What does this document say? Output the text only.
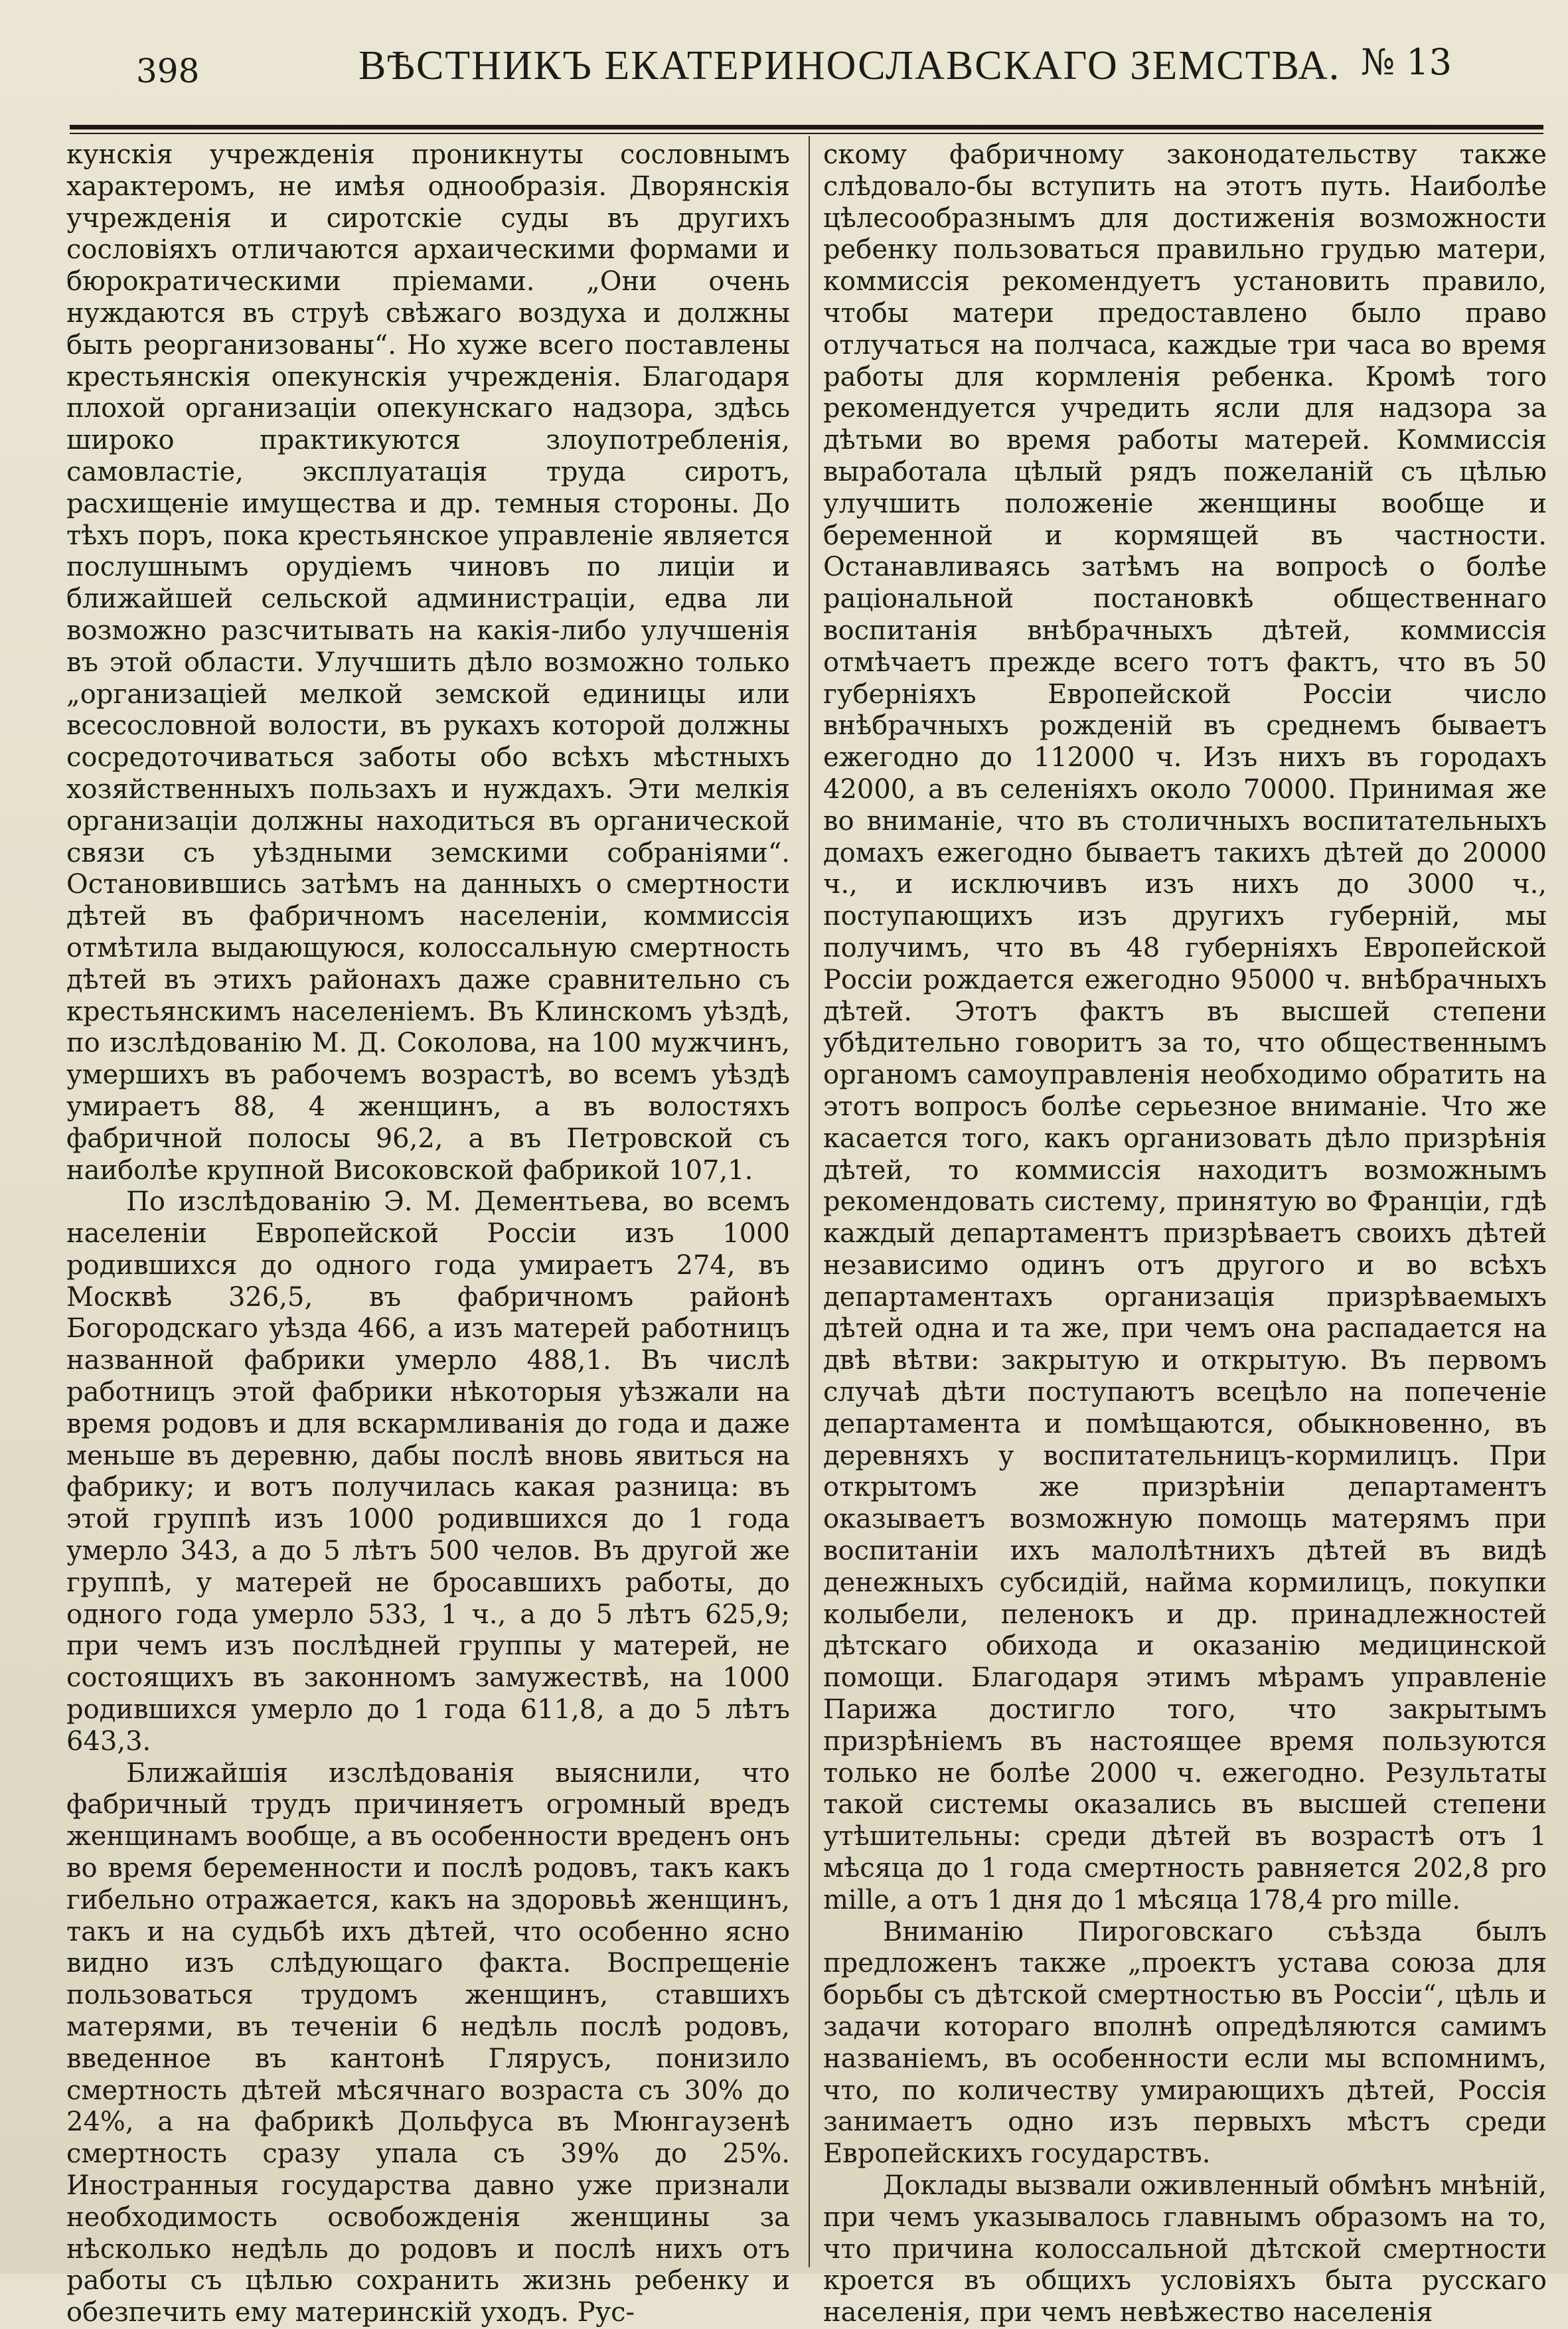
398	ВѢСТНИКЪ ЕКАТЕРИНОСЛАВСКАГО ЗЕМСТВА. № 13

кунскія учрежденія проникнуты сословнымъ характеромъ, не имѣя однообразія. Дворянскія учрежденія и сиротскіе суды въ другихъ сословіяхъ отличаются архаическими формами и бюрократическими пріемами. „Они очень нуждаются въ струѣ свѣжаго воздуха и должны быть реорганизованы“. Но хуже всего поставлены крестьянскія опекунскія учрежденія. Благодаря плохой организаціи опекунскаго надзора, здѣсь широко практикуются злоупотребленія, самовластіе, эксплуатація труда сиротъ, расхищеніе имущества и др. темныя стороны. До тѣхъ поръ, пока крестьянское управленіе является послушнымъ орудіемъ чиновъ по лиціи и ближайшей сельской администраціи, едва ли возможно разсчитывать на какія-либо улучшенія въ этой области. Улучшить дѣло возможно только „организаціей мелкой земской единицы или всесословной волости, въ рукахъ которой должны сосредоточиваться заботы обо всѣхъ мѣстныхъ хозяйственныхъ пользахъ и нуждахъ. Эти мелкія организаціи должны находиться въ органической связи съ уѣздными земскими собраніями“. Остановившись затѣмъ на данныхъ о смертности дѣтей въ фабричномъ населеніи, коммиссія отмѣтила выдающуюся, колоссальную смертность дѣтей въ этихъ районахъ даже сравнительно съ крестьянскимъ населеніемъ. Въ Клинскомъ уѣздѣ, по изслѣдованію М. Д. Соколова, на 100 мужчинъ, умершихъ въ рабочемъ возрастѣ, во всемъ уѣздѣ умираетъ 88, 4 женщинъ, а въ волостяхъ фабричной полосы 96,2, а въ Петровской съ наиболѣе крупной Високовской фабрикой 107,1.

По изслѣдованію Э. М. Дементьева, во всемъ населеніи Европейской Россіи изъ 1000 родившихся до одного года умираетъ 274, въ Москвѣ 326,5, въ фабричномъ районѣ Богородскаго уѣзда 466, а изъ матерей работницъ названной фабрики умерло 488,1. Въ числѣ работницъ этой фабрики нѣкоторыя уѣзжали на время родовъ и для вскармливанія до года и даже меньше въ деревню, дабы послѣ вновь явиться на фабрику; и вотъ получилась какая разница: въ этой группѣ изъ 1000 родившихся до 1 года умерло 343, а до 5 лѣтъ 500 челов. Въ другой же группѣ, у матерей не бросавшихъ работы, до одного года умерло 533, 1 ч., а до 5 лѣтъ 625,9; при чемъ изъ послѣдней группы у матерей, не состоящихъ въ законномъ замужествѣ, на 1000 родившихся умерло до 1 года 611,8, а до 5 лѣтъ 643,3.

Ближайшія изслѣдованія выяснили, что фабричный трудъ причиняетъ огромный вредъ женщинамъ вообще, а въ особенности вреденъ онъ во время беременности и послѣ родовъ, такъ какъ гибельно отражается, какъ на здоровьѣ женщинъ, такъ и на судьбѣ ихъ дѣтей, что особенно ясно видно изъ слѣдующаго факта. Воспрещеніе пользоваться трудомъ женщинъ, ставшихъ матерями, въ теченіи 6 недѣль послѣ родовъ, введенное въ кантонѣ Глярусъ, понизило смертность дѣтей мѣсячнаго возраста съ 30% до 24%, а на фабрикѣ Дольфуса въ Мюнгаузенѣ смертность сразу упала съ 39% до 25%. Иностранныя государства давно уже признали необходимость освобожденія женщины за нѣсколько недѣль до родовъ и послѣ нихъ отъ работы съ цѣлью сохранить жизнь ребенку и обезпечить ему материнскій уходъ. Рус-

скому фабричному законодательству также слѣдовало-бы вступить на этотъ путь. Наиболѣе цѣлесообразнымъ для достиженія возможности ребенку пользоваться правильно грудью матери, коммиссія рекомендуетъ установить правило, чтобы матери предоставлено было право отлучаться на полчаса, каждые три часа во время работы для кормленія ребенка. Кромѣ того рекомендуется учредить ясли для надзора за дѣтьми во время работы матерей. Коммиссія выработала цѣлый рядъ пожеланій съ цѣлью улучшить положеніе женщины вообще и беременной и кормящей въ частности. Останавливаясь затѣмъ на вопросѣ о болѣе раціональной постановкѣ общественнаго воспитанія внѣбрачныхъ дѣтей, коммиссія отмѣчаетъ прежде всего тотъ фактъ, что въ 50 губерніяхъ Европейской Россіи число внѣбрачныхъ рожденій въ среднемъ бываетъ ежегодно до 112000 ч. Изъ нихъ въ городахъ 42000, а въ селеніяхъ около 70000. Принимая же во вниманіе, что въ столичныхъ воспитательныхъ домахъ ежегодно бываетъ такихъ дѣтей до 20000 ч., и исключивъ изъ нихъ до 3000 ч., поступающихъ изъ другихъ губерній, мы получимъ, что въ 48 губерніяхъ Европейской Россіи рождается ежегодно 95000 ч. внѣбрачныхъ дѣтей. Этотъ фактъ въ высшей степени убѣдительно говоритъ за то, что общественнымъ органомъ самоуправленія необходимо обратить на этотъ вопросъ болѣе серьезное вниманіе. Что же касается того, какъ организовать дѣло призрѣнія дѣтей, то коммиссія находитъ возможнымъ рекомендовать систему, принятую во Франціи, гдѣ каждый департаментъ призрѣваетъ своихъ дѣтей независимо одинъ отъ другого и во всѣхъ департаментахъ организація призрѣваемыхъ дѣтей одна и та же, при чемъ она распадается на двѣ вѣтви: закрытую и открытую. Въ первомъ случаѣ дѣти поступаютъ всецѣло на попеченіе департамента и помѣщаются, обыкновенно, въ деревняхъ у воспитательницъ-кормилицъ. При открытомъ же призрѣніи департаментъ оказываетъ возможную помощь матерямъ при воспитаніи ихъ малолѣтнихъ дѣтей въ видѣ денежныхъ субсидій, найма кормилицъ, покупки колыбели, пеленокъ и др. принадлежностей дѣтскаго обихода и оказанію медицинской помощи. Благодаря этимъ мѣрамъ управленіе Парижа достигло того, что закрытымъ призрѣніемъ въ настоящее время пользуются только не болѣе 2000 ч. ежегодно. Результаты такой системы оказались въ высшей степени утѣшительны: среди дѣтей въ возрастѣ отъ 1 мѣсяца до 1 года смертность равняется 202,8 pro mille, а отъ 1 дня до 1 мѣсяца 178,4 pro mille.

Вниманію Пироговскаго съѣзда былъ предложенъ также „проектъ устава союза для борьбы съ дѣтской смертностью въ Россіи“, цѣль и задачи котораго вполнѣ опредѣляются самимъ названіемъ, въ особенности если мы вспомнимъ, что, по количеству умирающихъ дѣтей, Россія занимаетъ одно изъ первыхъ мѣстъ среди Европейскихъ государствъ.

Доклады вызвали оживленный обмѣнъ мнѣній, при чемъ указывалось главнымъ образомъ на то, что причина колоссальной дѣтской смертности кроется въ общихъ условіяхъ быта русскаго населенія, при чемъ невѣжество населенія
